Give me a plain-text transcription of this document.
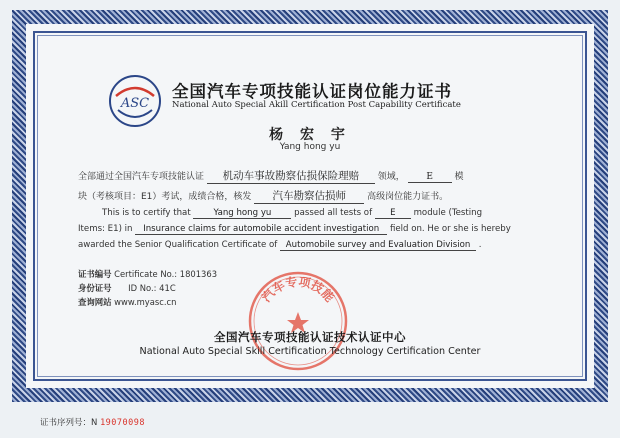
ASC
全国汽车专项技能认证岗位能力证书
National Auto Special Akill Certification Post Capability Certificate
杨 宏 宇
Yang hong yu
全部通过全国汽车专项技能认证 机动车事故勘察估损保险理赔 领域， E 模
块（考核项目：E1）考试，成绩合格，核发 汽车勘察估损师 高级岗位能力证书。
This is to certify that	Yang hong yu	passed all tests of E module (Testing
Items: E1) in Insurance claims for automobile accident investigation field on. He or she is hereby
awarded the Senior Qualification Certificate of Automobile survey and Evaluation Division .
证书编号 Certificate No.: 1801363
身份证号 ID No.: 41C
查询网站 www.myasc.cn	汽车专项技能
全国汽车专项技能认证技术认证中心
National Auto Special Skill Certification Technology Certification Center
证书序列号：N 19070098
